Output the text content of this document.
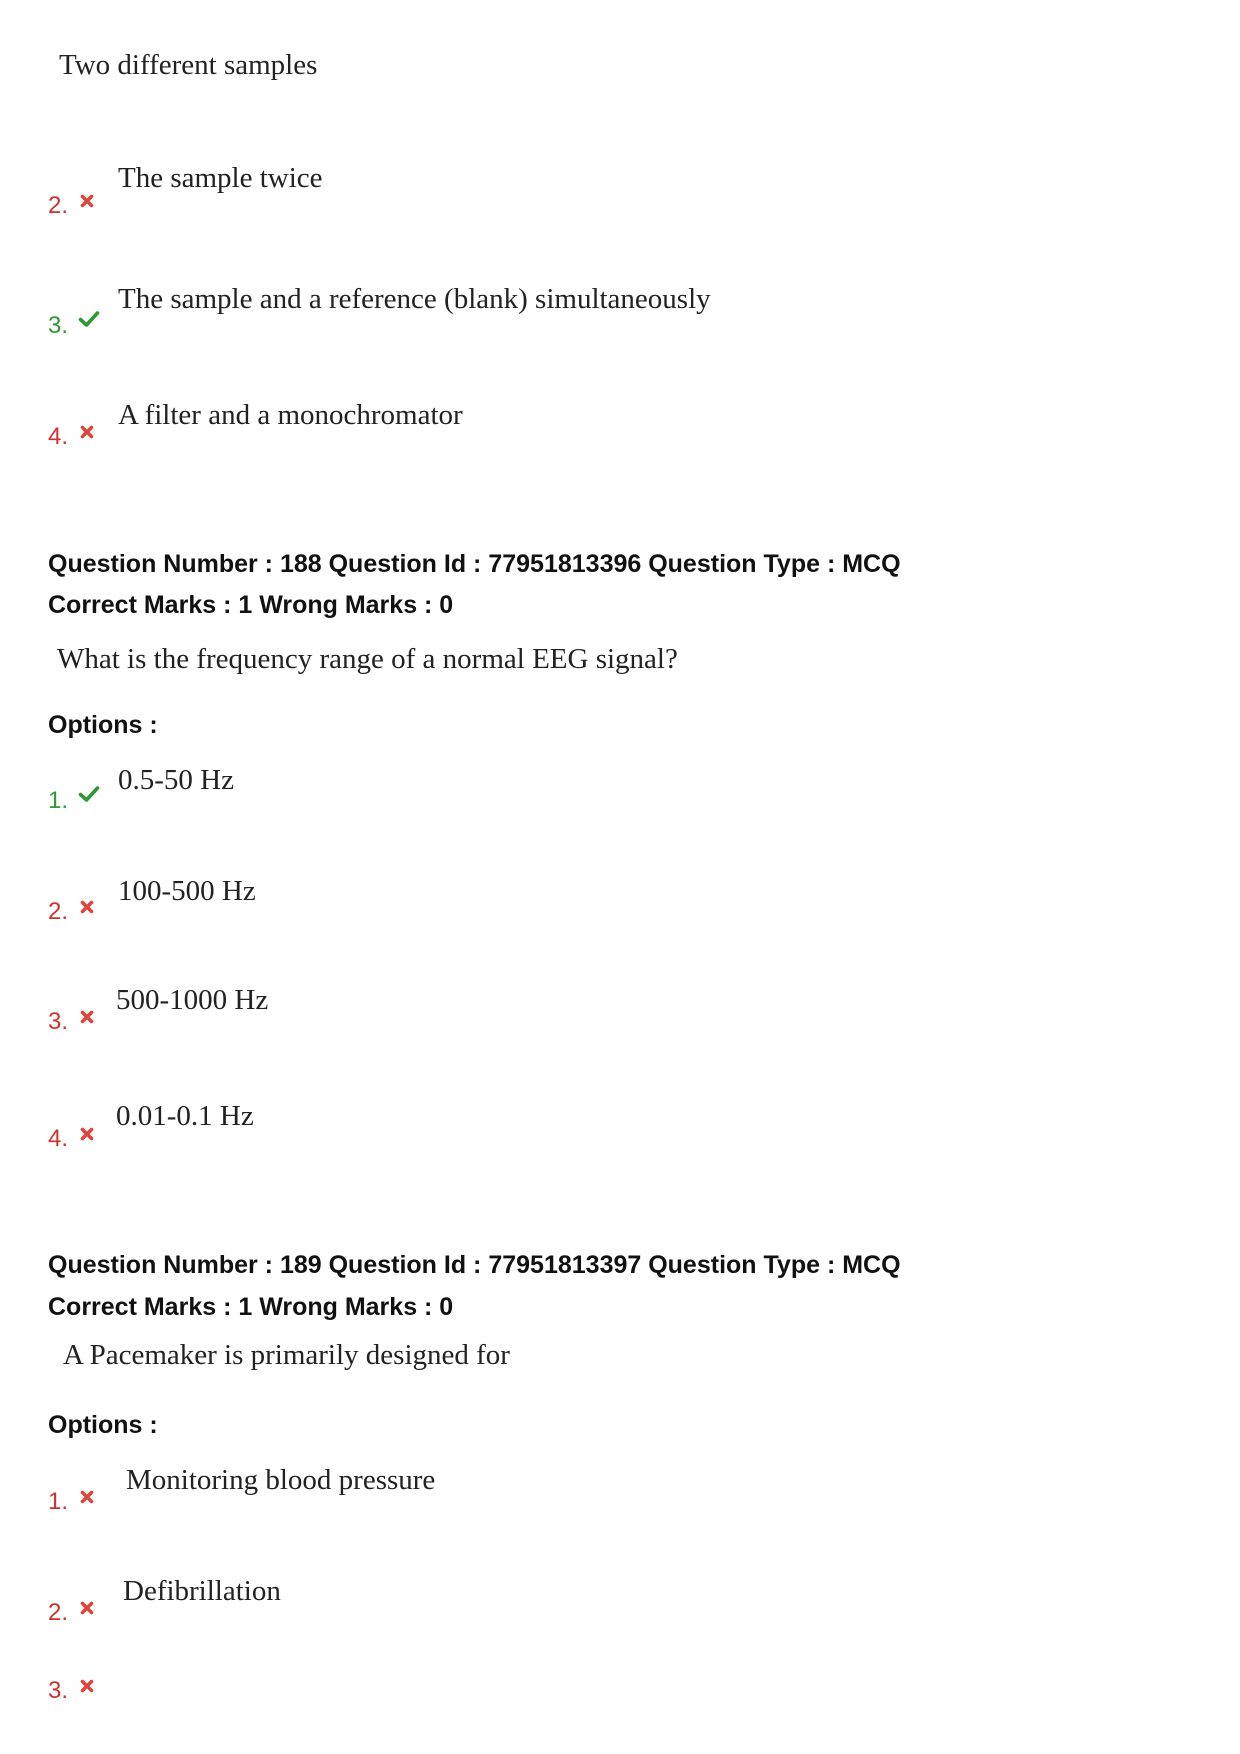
Two different samples
2.
The sample twice
3.
The sample and a reference (blank) simultaneously
4.
A filter and a monochromator
Question Number : 188 Question Id : 77951813396 Question Type : MCQ
Correct Marks : 1 Wrong Marks : 0
What is the frequency range of a normal EEG signal?
Options :
1.
0.5-50 Hz
2.
100-500 Hz
3.
500-1000 Hz
4.
0.01-0.1 Hz
Question Number : 189 Question Id : 77951813397 Question Type : MCQ
Correct Marks : 1 Wrong Marks : 0
A Pacemaker is primarily designed for
Options :
1.
Monitoring blood pressure
2.
Defibrillation
3.
